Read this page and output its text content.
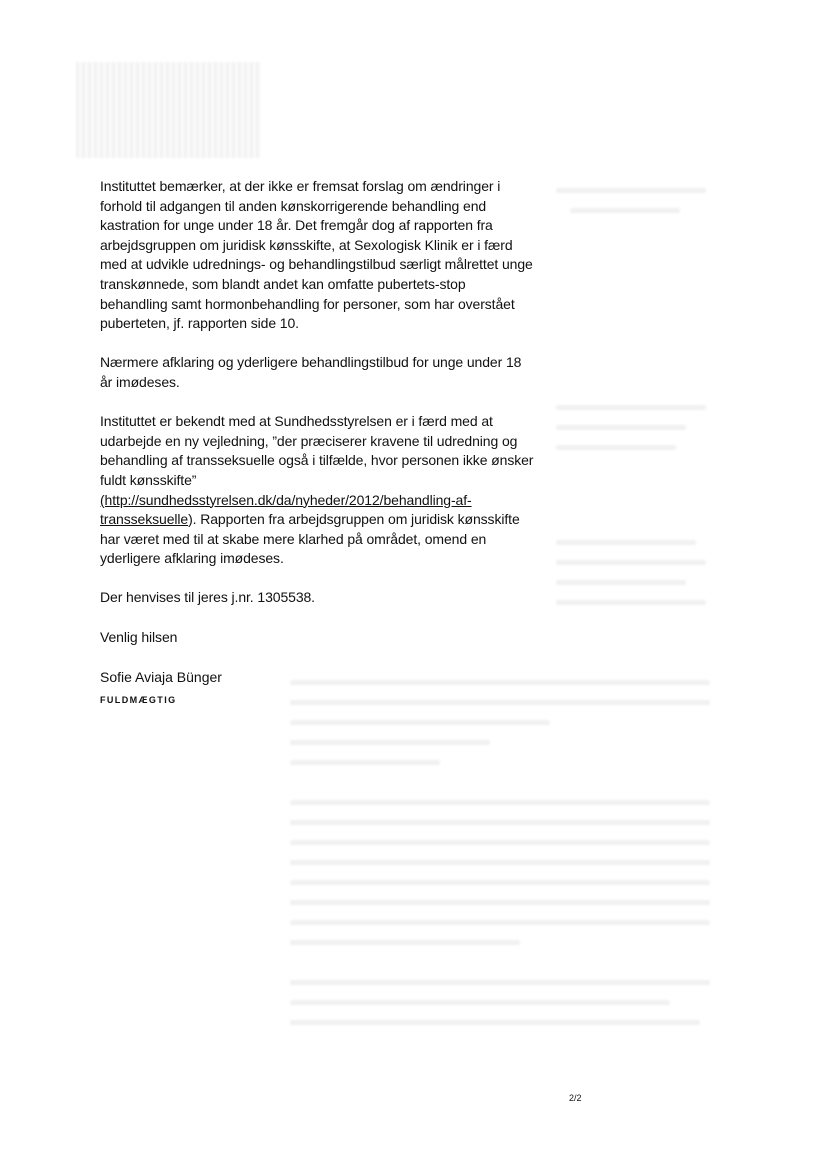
Instituttet bemærker, at der ikke er fremsat forslag om ændringer i
forhold til adgangen til anden kønskorrigerende behandling end
kastration for unge under 18 år. Det fremgår dog af rapporten fra
arbejdsgruppen om juridisk kønsskifte, at Sexologisk Klinik er i færd
med at udvikle udrednings- og behandlingstilbud særligt målrettet unge
transkønnede, som blandt andet kan omfatte pubertets-stop
behandling samt hormonbehandling for personer, som har overstået
puberteten, jf. rapporten side 10.
Nærmere afklaring og yderligere behandlingstilbud for unge under 18
år imødeses.
Instituttet er bekendt med at Sundhedsstyrelsen er i færd med at
udarbejde en ny vejledning, ”der præciserer kravene til udredning og
behandling af transseksuelle også i tilfælde, hvor personen ikke ønsker
fuldt kønsskifte”
(http://sundhedsstyrelsen.dk/da/nyheder/2012/behandling-af-
transseksuelle). Rapporten fra arbejdsgruppen om juridisk kønsskifte
har været med til at skabe mere klarhed på området, omend en
yderligere afklaring imødeses.
Der henvises til jeres j.nr. 1305538.
Venlig hilsen

Sofie Aviaja Bünger

FULDMÆGTIG
2/2
